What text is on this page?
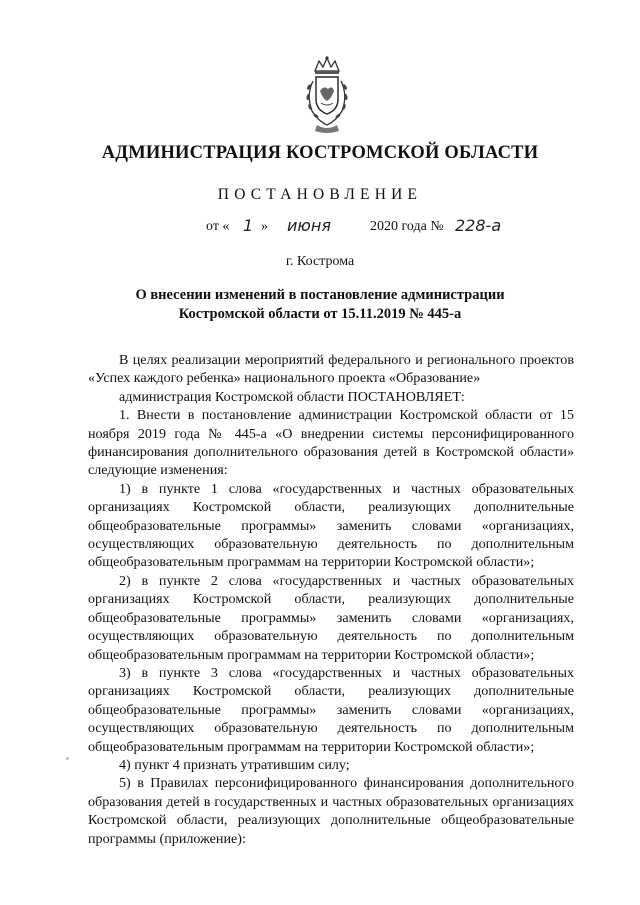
АДМИНИСТРАЦИЯ КОСТРОМСКОЙ ОБЛАСТИ
ПОСТАНОВЛЕНИЕ
от « 1 » июня	2020 года № 228-а
г. Кострома
О внесении изменений в постановление администрации
Костромской области от 15.11.2019 № 445-а

В целях реализации мероприятий федерального и регионального проектов «Успех каждого ребенка» национального проекта «Образование»

администрация Костромской области ПОСТАНОВЛЯЕТ:

1. Внести в постановление администрации Костромской области от 15 ноября 2019 года № 445-а «О внедрении системы персонифицированного финансирования дополнительного образования детей в Костромской области» следующие изменения:

1) в пункте 1 слова «государственных и частных образовательных организациях Костромской области, реализующих дополнительные общеобразовательные программы» заменить словами «организациях, осуществляющих образовательную деятельность по дополнительным общеобразовательным программам на территории Костромской области»;

2) в пункте 2 слова «государственных и частных образовательных организациях Костромской области, реализующих дополнительные общеобразовательные программы» заменить словами «организациях, осуществляющих образовательную деятельность по дополнительным общеобразовательным программам на территории Костромской области»;

3) в пункте 3 слова «государственных и частных образовательных организациях Костромской области, реализующих дополнительные общеобразовательные программы» заменить словами «организациях, осуществляющих образовательную деятельность по дополнительным общеобразовательным программам на территории Костромской области»;

4) пункт 4 признать утратившим силу;

5) в Правилах персонифицированного финансирования дополнительного образования детей в государственных и частных образовательных организациях Костромской области, реализующих дополнительные общеобразовательные программы (приложение):
